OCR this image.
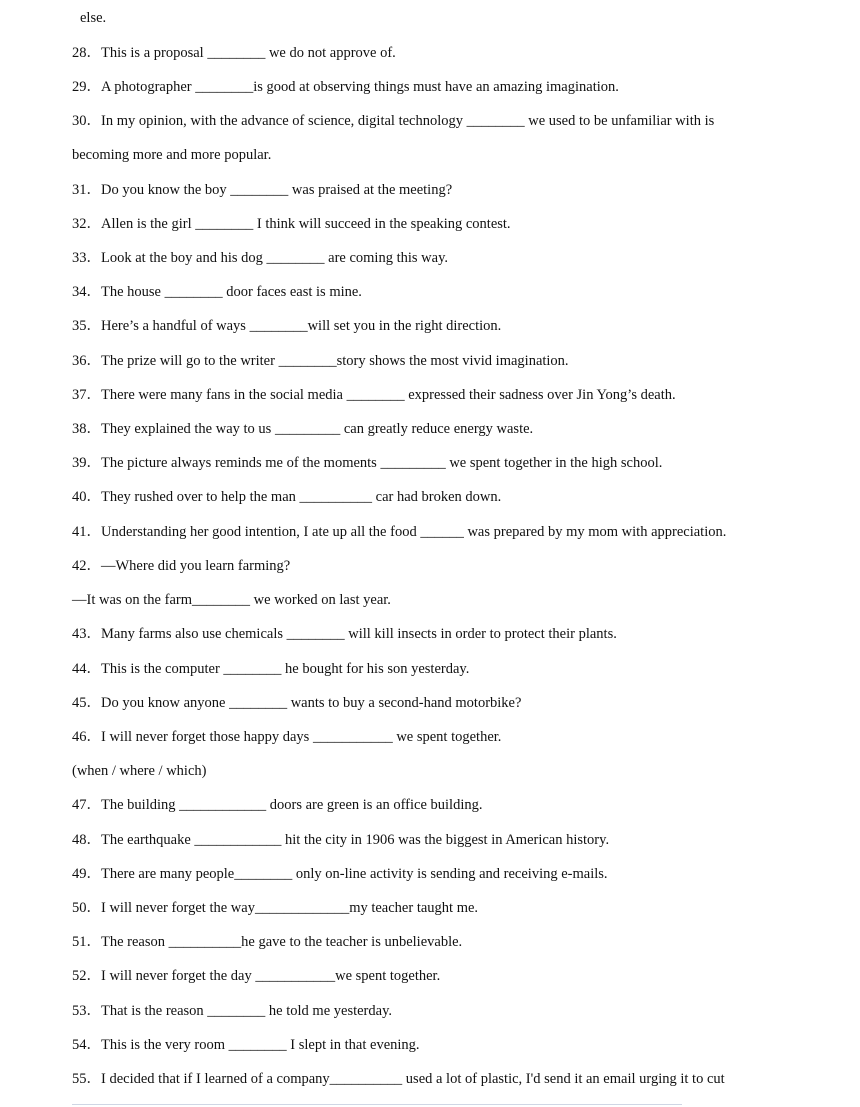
else.
28．This is a proposal ________ we do not approve of.
29．A photographer ________is good at observing things must have an amazing imagination.
30．In my opinion, with the advance of science, digital technology ________ we used to be unfamiliar with is
becoming more and more popular.
31．Do you know the boy ________ was praised at the meeting?
32．Allen is the girl ________ I think will succeed in the speaking contest.
33．Look at the boy and his dog ________ are coming this way.
34．The house ________ door faces east is mine.
35．Here’s a handful of ways ________will set you in the right direction.
36．The prize will go to the writer ________story shows the most vivid imagination.
37．There were many fans in the social media ________ expressed their sadness over Jin Yong’s death.
38．They explained the way to us _________ can greatly reduce energy waste.
39．The picture always reminds me of the moments _________ we spent together in the high school.
40．They rushed over to help the man __________ car had broken down.
41．Understanding her good intention, I ate up all the food ______ was prepared by my mom with appreciation.
42．—Where did you learn farming?
—It was on the farm________ we worked on last year.
43．Many farms also use chemicals ________ will kill insects in order to protect their plants.
44．This is the computer ________ he bought for his son yesterday.
45．Do you know anyone ________ wants to buy a second-hand motorbike?
46．I will never forget those happy days ___________ we spent together.
(when / where / which)
47．The building ____________ doors are green is an office building.
48．The earthquake ____________ hit the city in 1906 was the biggest in American history.
49．There are many people________ only on-line activity is sending and receiving e-mails.
50．I will never forget the way_____________my teacher taught me.
51．The reason __________he gave to the teacher is unbelievable.
52．I will never forget the day ___________we spent together.
53．That is the reason ________ he told me yesterday.
54．This is the very room ________ I slept in that evening.
55．I decided that if I learned of a company__________ used a lot of plastic, I'd send it an email urging it to cut
